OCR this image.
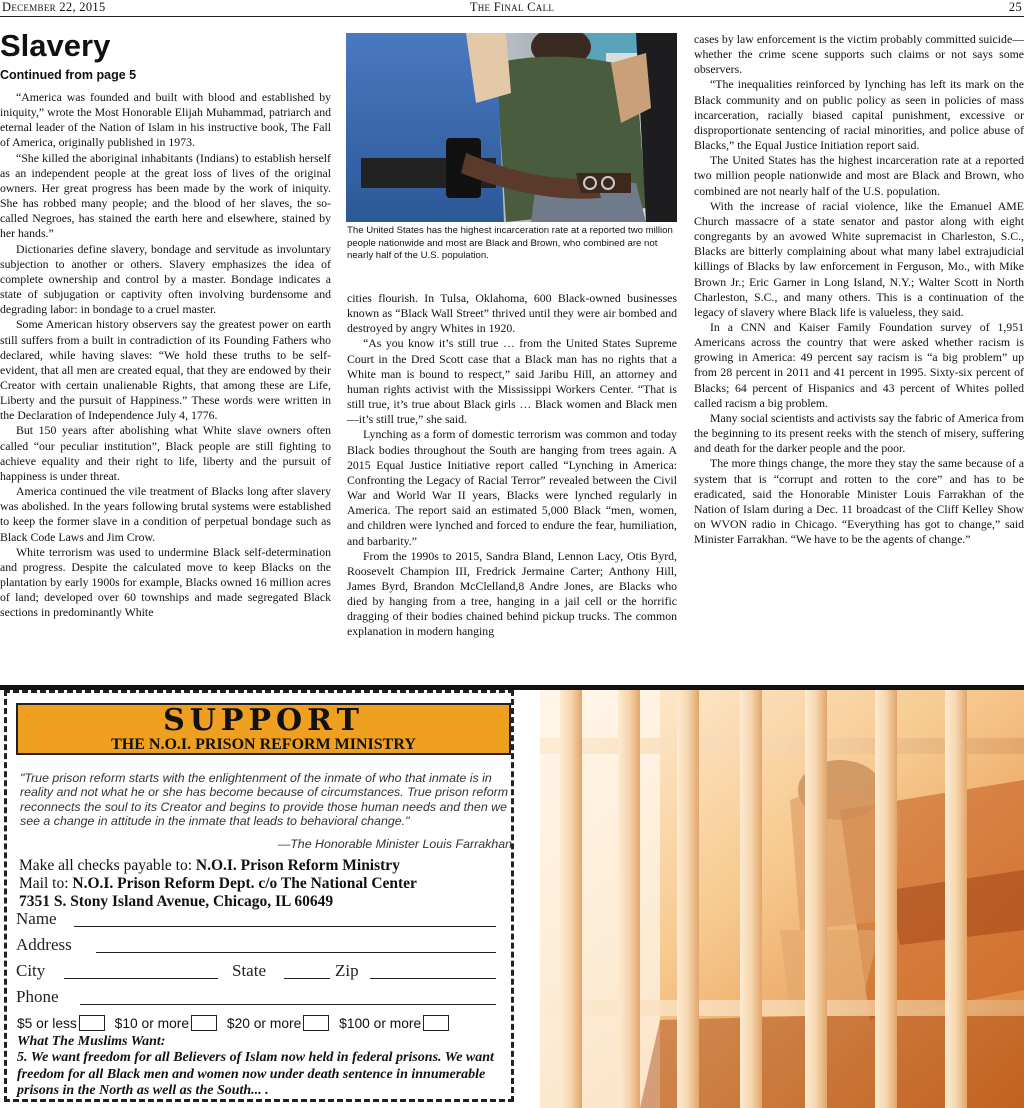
December 22, 2015	The Final Call	25
Slavery
Continued from page 5

“America was founded and built with blood and established by iniquity,” wrote the Most Honorable Elijah Muhammad, patriarch and eternal leader of the Nation of Islam in his instructive book, The Fall of America, originally published in 1973.

“She killed the aboriginal inhabitants (Indians) to establish herself as an independent people at the great loss of lives of the original owners. Her great progress has been made by the work of iniquity. She has robbed many people; and the blood of her slaves, the so-called Negroes, has stained the earth here and elsewhere, stained by her hands.”

Dictionaries define slavery, bondage and servitude as involuntary subjection to another or others. Slavery emphasizes the idea of complete ownership and control by a master. Bondage indicates a state of subjugation or captivity often involving burdensome and degrading labor: in bondage to a cruel master.

Some American history observers say the greatest power on earth still suffers from a built in contradiction of its Founding Fathers who declared, while having slaves: “We hold these truths to be self-evident, that all men are created equal, that they are endowed by their Creator with certain unalienable Rights, that among these are Life, Liberty and the pursuit of Happiness.” These words were written in the Declaration of Independence July 4, 1776.

But 150 years after abolishing what White slave owners often called “our peculiar institution”, Black people are still fighting to achieve equality and their right to life, liberty and the pursuit of happiness is under threat.

America continued the vile treatment of Blacks long after slavery was abolished. In the years following brutal systems were established to keep the former slave in a condition of perpetual bondage such as Black Code Laws and Jim Crow.

White terrorism was used to undermine Black self-determination and progress. Despite the calculated move to keep Blacks on the plantation by early 1900s for example, Blacks owned 16 million acres of land; developed over 60 townships and made segregated Black sections in predominantly White

The United States has the highest incarceration rate at a reported two million people nationwide and most are Black and Brown, who combined are not nearly half of the U.S. population.

cities flourish. In Tulsa, Oklahoma, 600 Black-owned businesses known as “Black Wall Street” thrived until they were air bombed and destroyed by angry Whites in 1920.

“As you know it’s still true … from the United States Supreme Court in the Dred Scott case that a Black man has no rights that a White man is bound to respect,” said Jaribu Hill, an attorney and human rights activist with the Mississippi Workers Center. “That is still true, it’s true about Black girls … Black women and Black men—it’s still true,” she said.

Lynching as a form of domestic terrorism was common and today Black bodies throughout the South are hanging from trees again. A 2015 Equal Justice Initiative report called “Lynching in America: Confronting the Legacy of Racial Terror” revealed between the Civil War and World War II years, Blacks were lynched regularly in America. The report said an estimated 5,000 Black “men, women, and children were lynched and forced to endure the fear, humiliation, and barbarity.”

From the 1990s to 2015, Sandra Bland, Lennon Lacy, Otis Byrd, Roosevelt Champion III, Fredrick Jermaine Carter; Anthony Hill, James Byrd, Brandon McClelland,8 Andre Jones, are Blacks who died by hanging from a tree, hanging in a jail cell or the horrific dragging of their bodies chained behind pickup trucks. The common explanation in modern hanging

cases by law enforcement is the victim probably committed suicide—whether the crime scene supports such claims or not says some observers.

“The inequalities reinforced by lynching has left its mark on the Black community and on public policy as seen in policies of mass incarceration, racially biased capital punishment, excessive or disproportionate sentencing of racial minorities, and police abuse of Blacks,” the Equal Justice Initiation report said.

The United States has the highest incarceration rate at a reported two million people nationwide and most are Black and Brown, who combined are not nearly half of the U.S. population.

With the increase of racial violence, like the Emanuel AME Church massacre of a state senator and pastor along with eight congregants by an avowed White supremacist in Charleston, S.C., Blacks are bitterly complaining about what many label extrajudicial killings of Blacks by law enforcement in Ferguson, Mo., with Mike Brown Jr.; Eric Garner in Long Island, N.Y.; Walter Scott in North Charleston, S.C., and many others. This is a continuation of the legacy of slavery where Black life is valueless, they said.

In a CNN and Kaiser Family Foundation survey of 1,951 Americans across the country that were asked whether racism is growing in America: 49 percent say racism is “a big problem” up from 28 percent in 2011 and 41 percent in 1995. Sixty-six percent of Blacks; 64 percent of Hispanics and 43 percent of Whites polled called racism a big problem.

Many social scientists and activists say the fabric of America from the beginning to its present reeks with the stench of misery, suffering and death for the darker people and the poor.

The more things change, the more they stay the same because of a system that is “corrupt and rotten to the core” and has to be eradicated, said the Honorable Minister Louis Farrakhan of the Nation of Islam during a Dec. 11 broadcast of the Cliff Kelley Show on WVON radio in Chicago. “Everything has got to change,” said Minister Farrakhan. “We have to be the agents of change.”

SUPPORT
THE N.O.I. PRISON REFORM MINISTRY
"True prison reform starts with the enlightenment of the inmate of who that inmate is in reality and not what he or she has become because of circumstances. True prison reform reconnects the soul to its Creator and begins to provide those human needs and then we see a change in attitude in the inmate that leads to behavioral change."
—The Honorable Minister Louis Farrakhan
Make all checks payable to: N.O.I. Prison Reform Ministry
Mail to: N.O.I. Prison Reform Dept. c/o The National Center
7351 S. Stony Island Avenue, Chicago, IL 60649
Name
Address
City	State	Zip
Phone
$5 or less	$10 or more	$20 or more	$100 or more
What The Muslims Want:
5. We want freedom for all Believers of Islam now held in federal prisons. We want freedom for all Black men and women now under death sentence in innumerable prisons in the North as well as the South... .
